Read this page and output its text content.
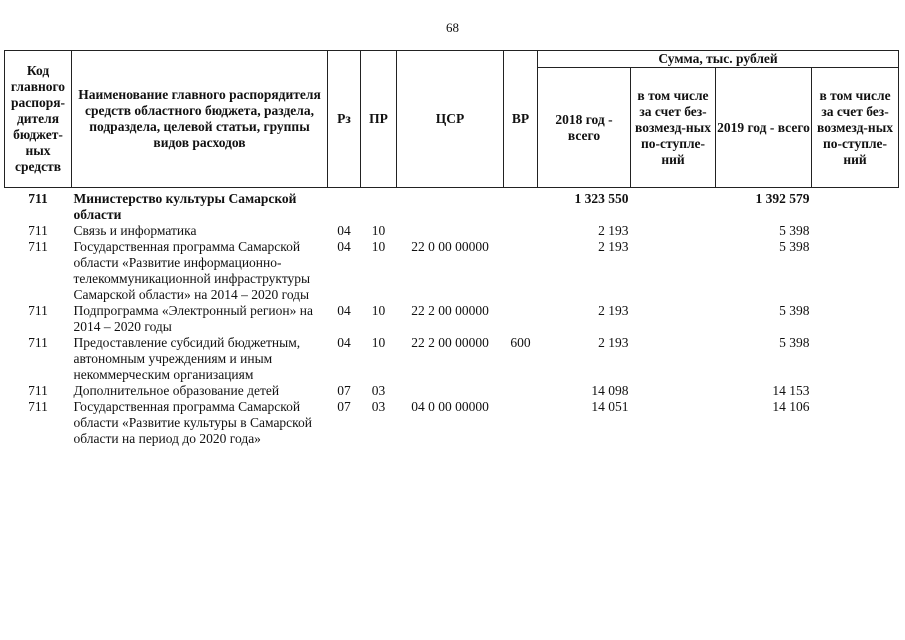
68
Код главного распоря-дителя бюджет-ных средств	Наименование главного распорядителя средств областного бюджета, раздела, подраздела, целевой статьи, группы видов расходов	Рз	ПР	ЦСР	ВР	Сумма, тыс. рублей			
						2018 год - всего	в том числе за счет без-возмезд-ных по-ступле-ний	2019 год - всего	в том числе за счет без-возмезд-ных по-ступле-ний
711	Министерство культуры Самарской области					1 323 550		1 392 579	
711	Связь и информатика	04	10			2 193		5 398	
711	Государственная программа Самарской области «Развитие информационно-телекоммуникационной инфраструктуры Самарской области» на 2014 – 2020 годы	04	10	22 0 00 00000		2 193		5 398	
711	Подпрограмма «Электронный регион» на 2014 – 2020 годы	04	10	22 2 00 00000		2 193		5 398	
711	Предоставление субсидий бюджетным, автономным учреждениям и иным некоммерческим организациям	04	10	22 2 00 00000	600	2 193		5 398	
711	Дополнительное образование детей	07	03			14 098		14 153	
711	Государственная программа Самарской области «Развитие культуры в Самарской области на период до 2020 года»	07	03	04 0 00 00000		14 051		14 106	
